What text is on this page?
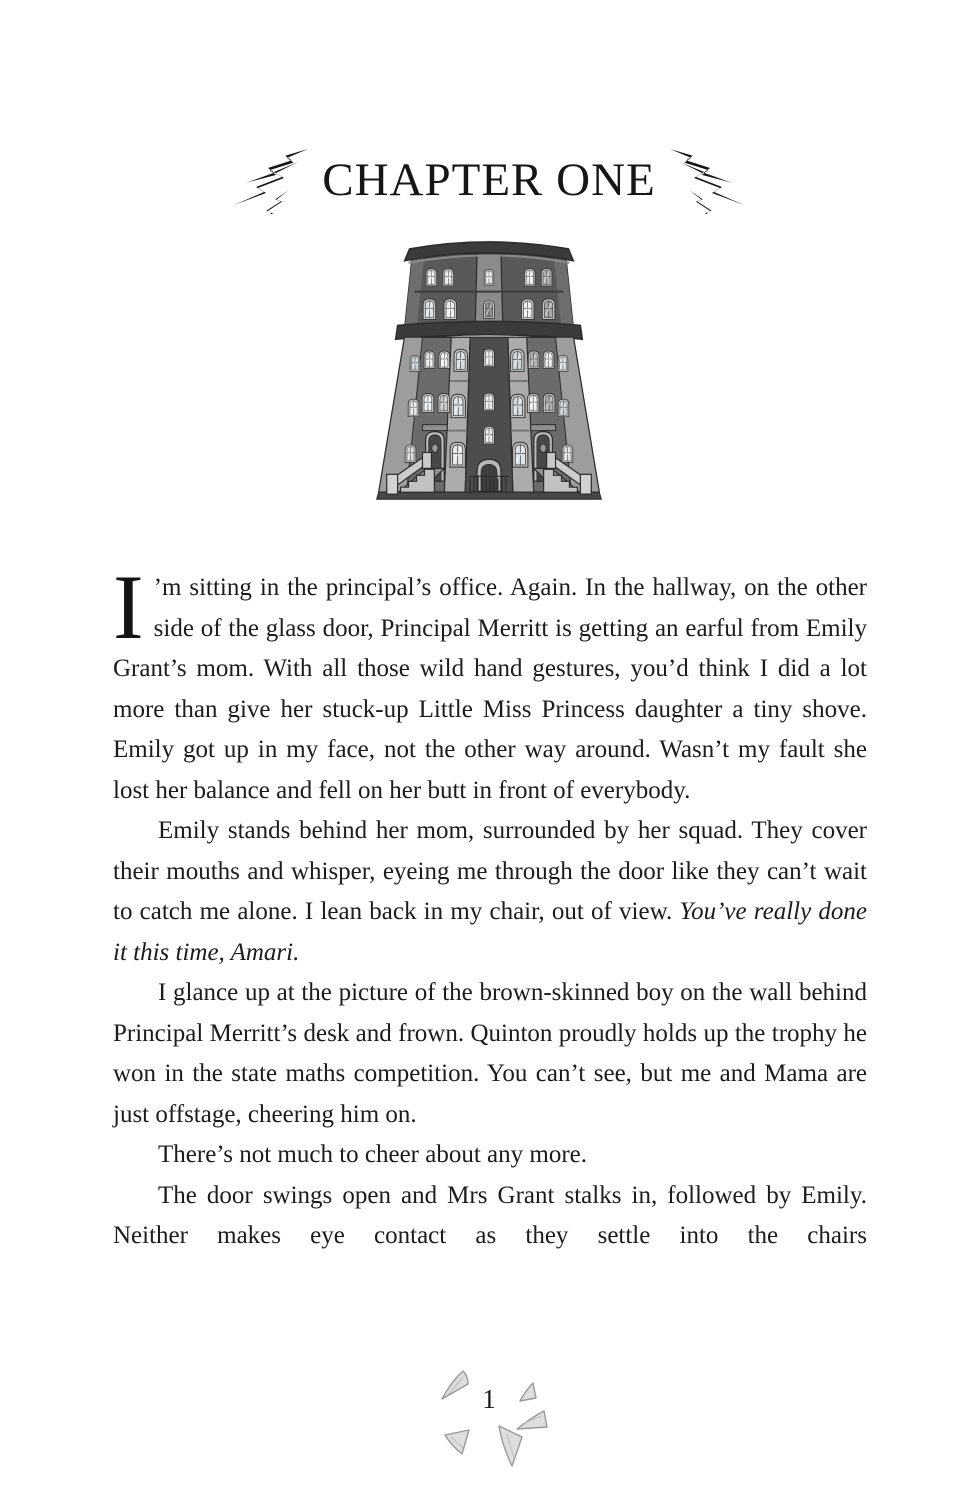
CHAPTER ONE

I ’m sitting in the principal’s office. Again. In the hallway, on the other side of the glass door, Principal Merritt is getting an earful from Emily Grant’s mom. With all those wild hand gestures, you’d think I did a lot more than give her stuck-up Little Miss Princess daughter a tiny shove. Emily got up in my face, not the other way around. Wasn’t my fault she lost her balance and fell on her butt in front of everybody.

Emily stands behind her mom, surrounded by her squad. They cover their mouths and whisper, eyeing me through the door like they can’t wait to catch me alone. I lean back in my chair, out of view. You’ve really done it this time, Amari.

I glance up at the picture of the brown-skinned boy on the wall behind Principal Merritt’s desk and frown. Quinton proudly holds up the trophy he won in the state maths competition. You can’t see, but me and Mama are just offstage, cheering him on.

There’s not much to cheer about any more.

The door swings open and Mrs Grant stalks in, followed by Emily. Neither makes eye contact as they settle into the chairs

1
